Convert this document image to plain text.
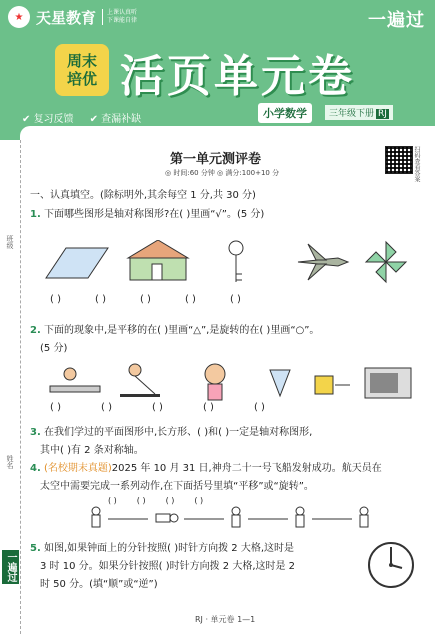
★ 天星教育 上课认真听
下课能自律	一遍过
周末
培优 活页单元卷
✔ 复习反馈
✔	查漏补缺	小学数学	三年级下册 RJ
班级
姓名
一遍过
第一单元测评卷
◎ 时间:60 分钟 ◎ 满分:100+10 分	扫码查看答案
一、认真填空。(除标明外,其余每空 1 分,共 30 分)
1. 下面哪些图形是轴对称图形?在( )里画“√”。(5 分)
( )	( )	( )	( )	( )
2. 下面的现象中,是平移的在( )里画“△”,是旋转的在( )里画“○”。
(5 分)
( )	( )	( )	( )	( )
3. 在我们学过的平面图形中,长方形、( )和( )一定是轴对称图形,
其中( )有 2 条对称轴。
4. (名校期末真题)2025 年 10 月 31 日,神舟二十一号飞船发射成功。航天员在
太空中需要完成一系列动作,在下面括号里填“平移”或“旋转”。
( )	( )	( )	( )
5. 如图,如果钟面上的分针按照( )时针方向拨 2 大格,这时是
3 时 10 分。如果分针按照( )时针方向拨 2 大格,这时是 2
时 50 分。(填“顺”或“逆”)
RJ · 单元卷 1—1
